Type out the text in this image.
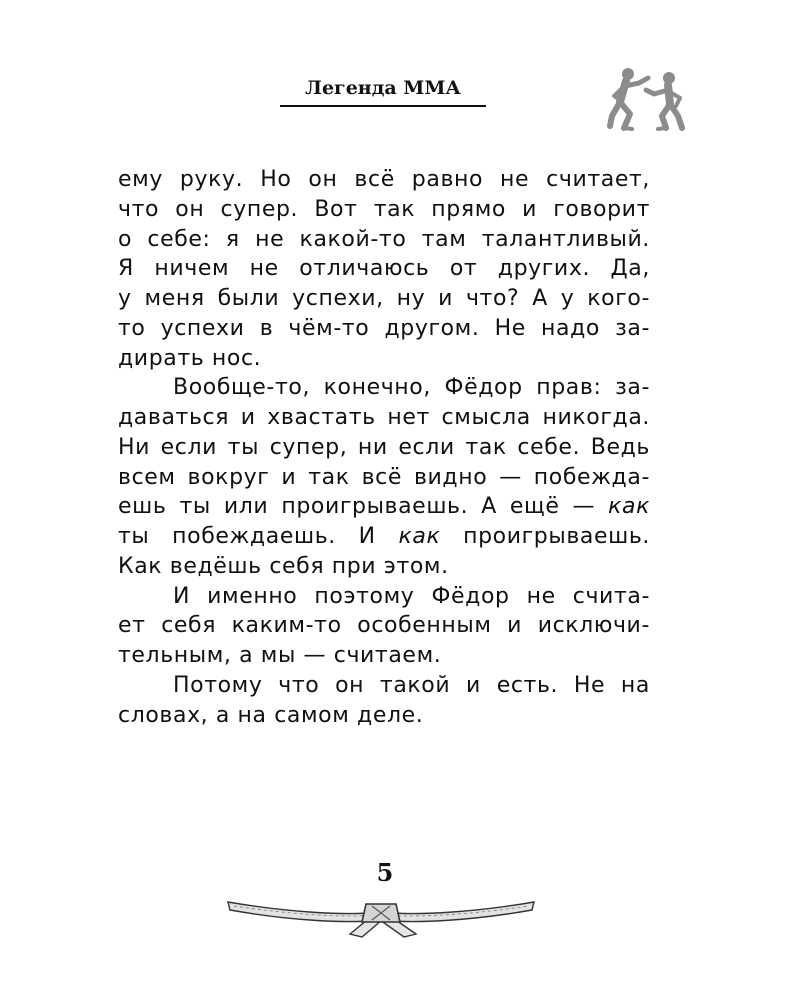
Легенда ММА
ему руку. Но он всё равно не считает,
что он супер. Вот так прямо и говорит
о себе: я не какой-то там талантливый.
Я ничем не отличаюсь от других. Да,
у меня были успехи, ну и что? А у кого-
то успехи в чём-то другом. Не надо за-
дирать нос.
Вообще-то, конечно, Фёдор прав: за-
даваться и хвастать нет смысла никогда.
Ни если ты супер, ни если так себе. Ведь
всем вокруг и так всё видно — побежда-
ешь ты или проигрываешь. А ещё — как
ты побеждаешь. И как проигрываешь.
Как ведёшь себя при этом.
И именно поэтому Фёдор не счита-
ет себя каким-то особенным и исключи-
тельным, а мы — считаем.
Потому что он такой и есть. Не на
словах, а на самом деле.
5
